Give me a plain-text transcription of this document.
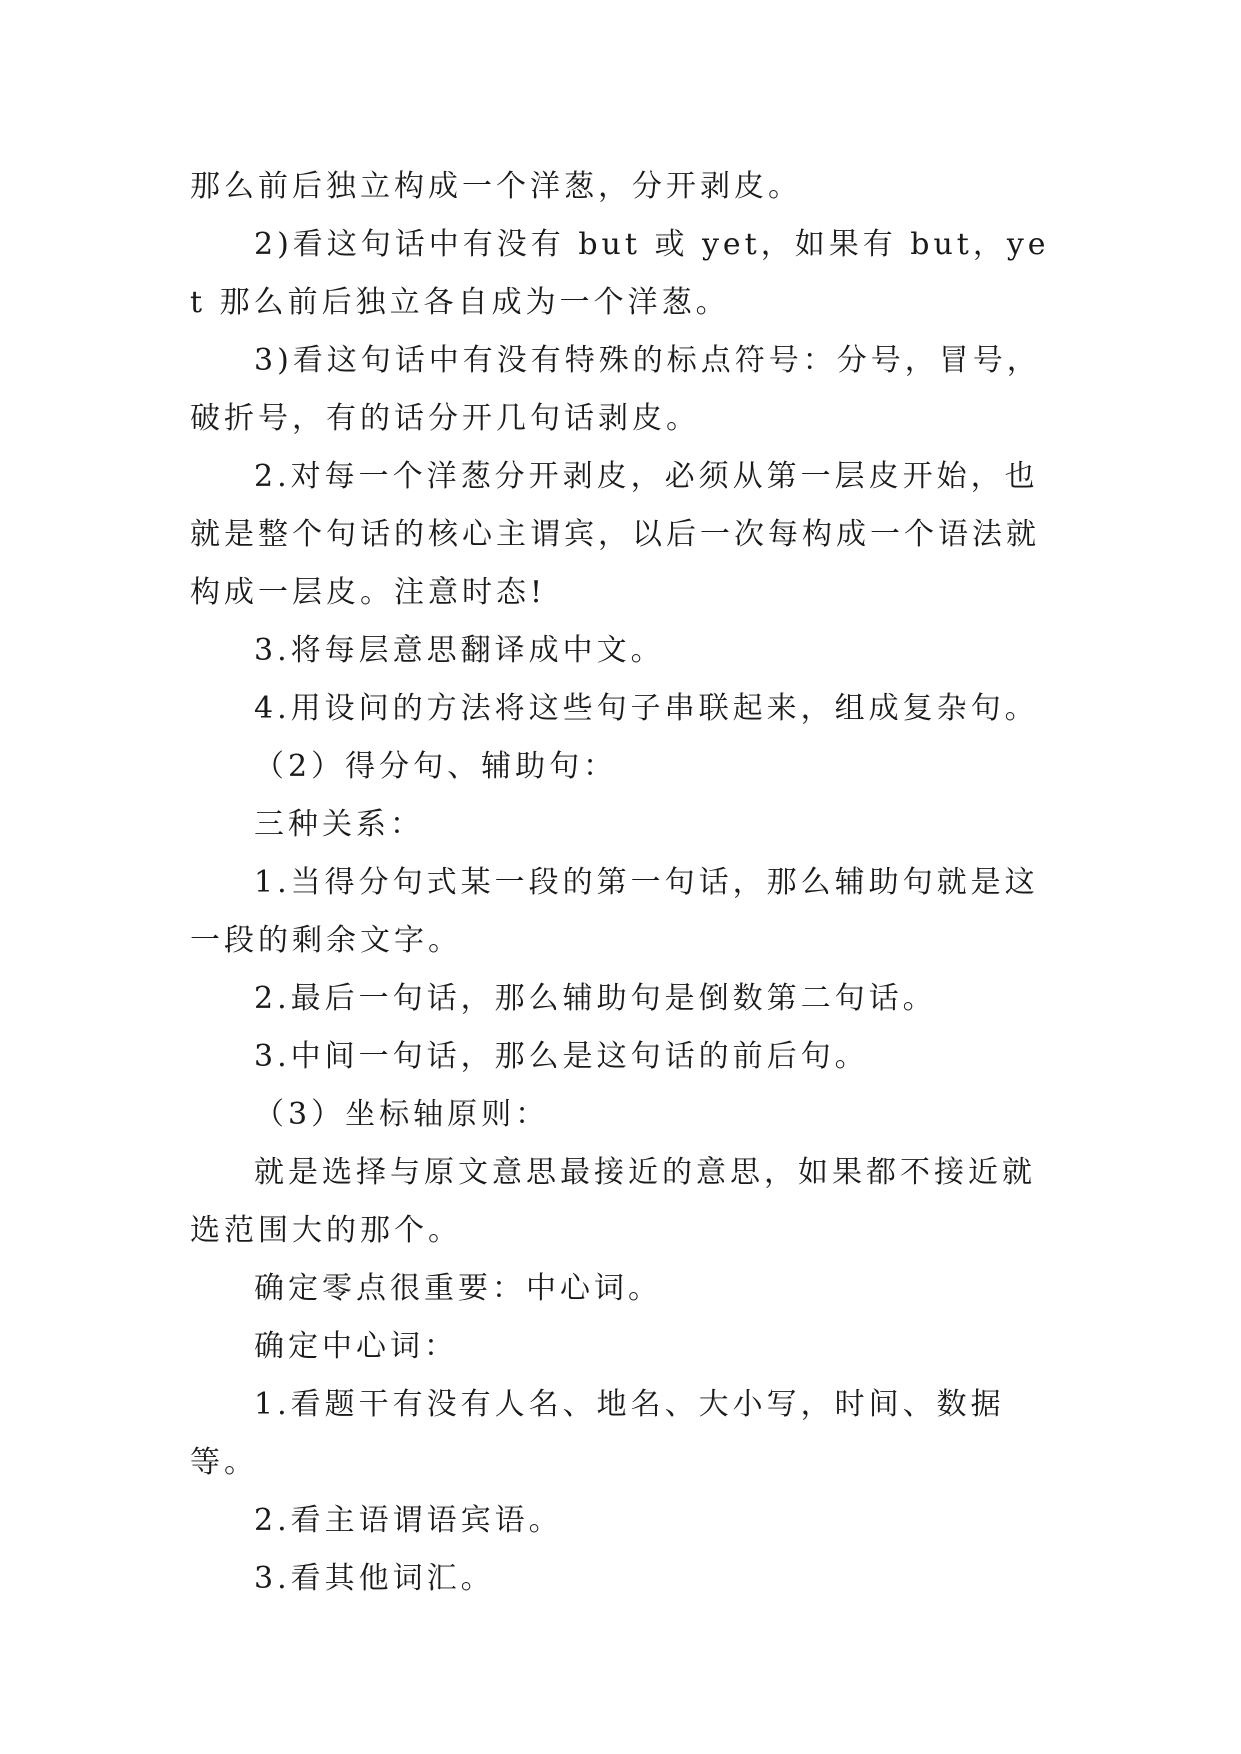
那么前后独立构成一个洋葱，分开剥皮。

2)看这句话中有没有 but 或 yet，如果有 but，yet 那么前后独立各自成为一个洋葱。

3)看这句话中有没有特殊的标点符号：分号，冒号，破折号，有的话分开几句话剥皮。

2.对每一个洋葱分开剥皮，必须从第一层皮开始，也就是整个句话的核心主谓宾，以后一次每构成一个语法就构成一层皮。注意时态!

3.将每层意思翻译成中文。

4.用设问的方法将这些句子串联起来，组成复杂句。

（2）得分句、辅助句：

三种关系：

1.当得分句式某一段的第一句话，那么辅助句就是这一段的剩余文字。

2.最后一句话，那么辅助句是倒数第二句话。

3.中间一句话，那么是这句话的前后句。

（3）坐标轴原则：

就是选择与原文意思最接近的意思，如果都不接近就选范围大的那个。

确定零点很重要：中心词。

确定中心词：

1.看题干有没有人名、地名、大小写，时间、数据等。

2.看主语谓语宾语。

3.看其他词汇。
